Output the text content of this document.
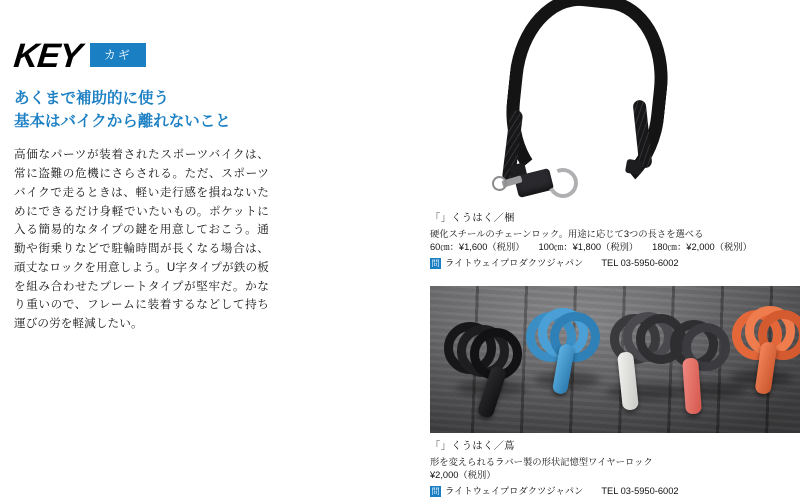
KEY	カギ
あくまで補助的に使う
基本はバイクから離れないこと
高価なパーツが装着されたスポーツバイクは、常に盗難の危機にさらされる。ただ、スポーツバイクで走るときは、軽い走行感を損ねないためにできるだけ身軽でいたいもの。ポケットに入る簡易的なタイプの鍵を用意しておこう。通勤や街乗りなどで駐輪時間が長くなる場合は、頑丈なロックを用意しよう。U字タイプが鉄の板を組み合わせたプレートタイプが堅牢だ。かなり重いので、フレームに装着するなどして持ち運びの労を軽減したい。
「」くうはく／梱
硬化スチールのチェーンロック。用途に応じて3つの長さを選べる
60㎝：¥1,600（税別）　　100㎝：¥1,800（税別）　　180㎝：¥2,000（税別）
問 ライトウェイプロダクツジャパン TEL 03-5950-6002
「」くうはく／蔦
形を変えられるラバー製の形状記憶型ワイヤーロック
¥2,000（税別）
問 ライトウェイプロダクツジャパン TEL 03-5950-6002
